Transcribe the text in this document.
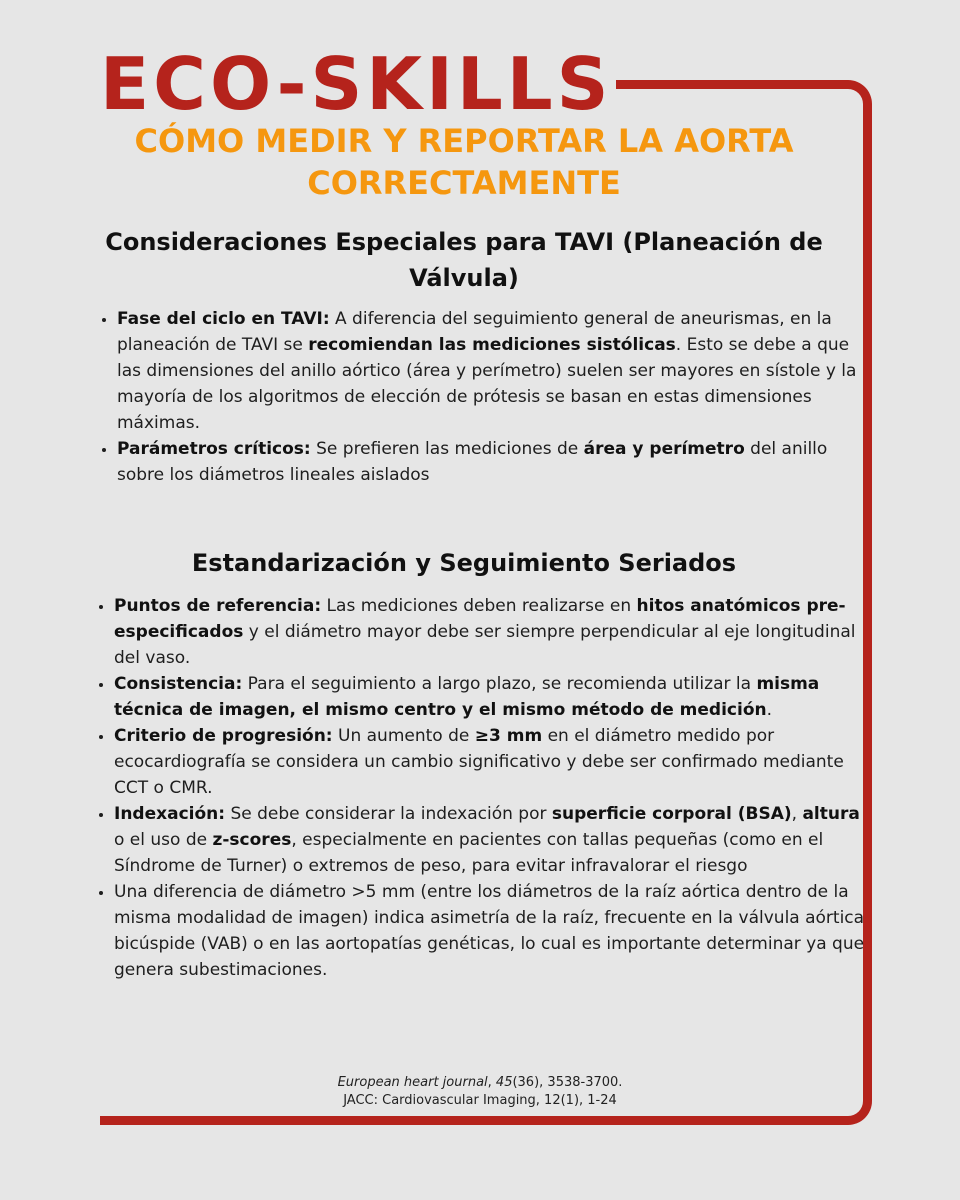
ECO-SKILLS
CÓMO MEDIR Y REPORTAR LA AORTA CORRECTAMENTE
Consideraciones Especiales para TAVI (Planeación de Válvula)
• Fase del ciclo en TAVI: A diferencia del seguimiento general de aneurismas, en la planeación de TAVI se recomiendan las mediciones sistólicas. Esto se debe a que las dimensiones del anillo aórtico (área y perímetro) suelen ser mayores en sístole y la mayoría de los algoritmos de elección de prótesis se basan en estas dimensiones máximas.
• Parámetros críticos: Se prefieren las mediciones de área y perímetro del anillo sobre los diámetros lineales aislados
Estandarización y Seguimiento Seriados
• Puntos de referencia: Las mediciones deben realizarse en hitos anatómicos pre-especificados y el diámetro mayor debe ser siempre perpendicular al eje longitudinal del vaso.
• Consistencia: Para el seguimiento a largo plazo, se recomienda utilizar la misma técnica de imagen, el mismo centro y el mismo método de medición.
• Criterio de progresión: Un aumento de ≥3 mm en el diámetro medido por ecocardiografía se considera un cambio significativo y debe ser confirmado mediante CCT o CMR.
• Indexación: Se debe considerar la indexación por superficie corporal (BSA), altura o el uso de z-scores, especialmente en pacientes con tallas pequeñas (como en el Síndrome de Turner) o extremos de peso, para evitar infravalorar el riesgo
• Una diferencia de diámetro >5 mm (entre los diámetros de la raíz aórtica dentro de la misma modalidad de imagen) indica asimetría de la raíz, frecuente en la válvula aórtica bicúspide (VAB) o en las aortopatías genéticas, lo cual es importante determinar ya que genera subestimaciones.
European heart journal, 45(36), 3538-3700.
JACC: Cardiovascular Imaging, 12(1), 1-24
